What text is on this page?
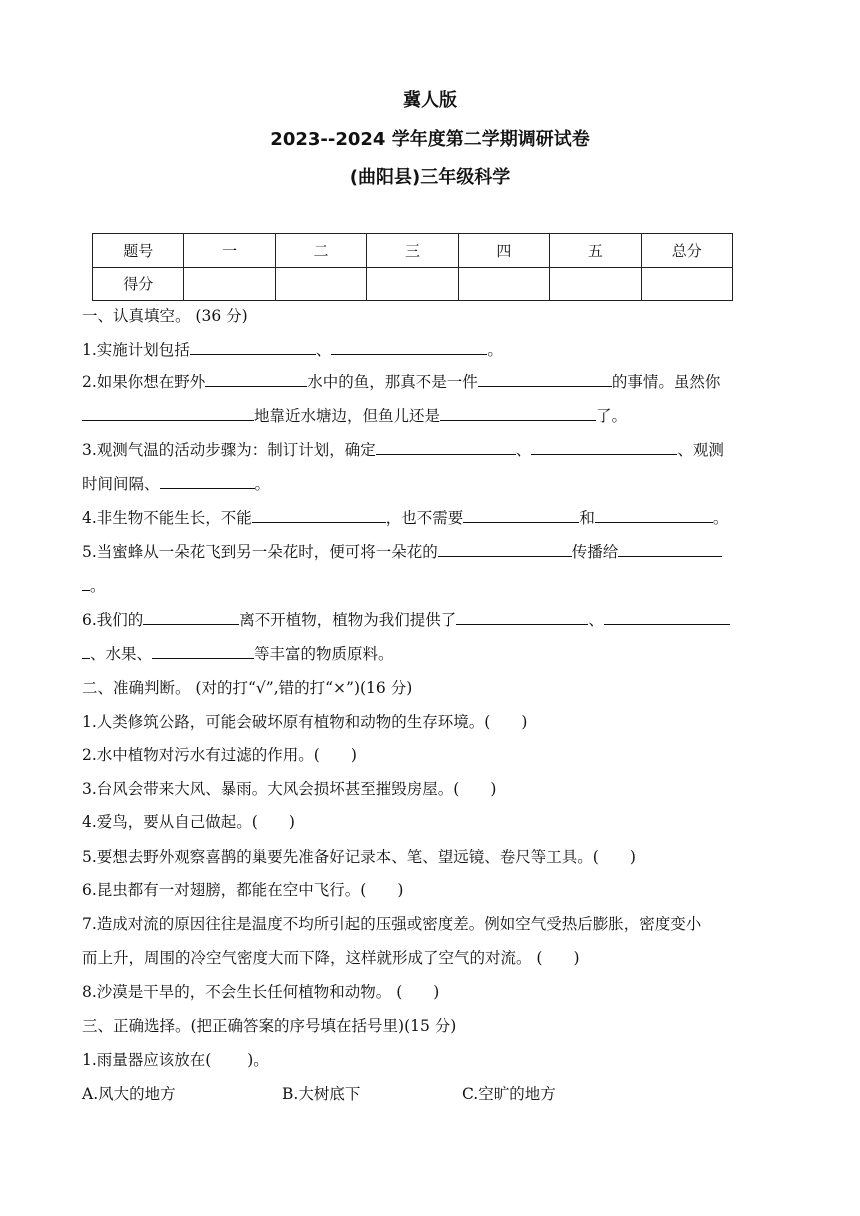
冀人版
2023--2024 学年度第二学期调研试卷
(曲阳县)三年级科学
题号	一	二	三	四	五	总分
得分						
一、认真填空。 (36 分)
1.实施计划包括	、	。
2.如果你想在野外	水中的鱼，那真不是一件	的事情。虽然你
地靠近水塘边，但鱼儿还是	了。
3.观测气温的活动步骤为：制订计划，确定	、	、观测
时间间隔、	。
4.非生物不能生长，不能	，也不需要	和	。
5.当蜜蜂从一朵花飞到另一朵花时，便可将一朵花的	传播给
。
6.我们的	离不开植物，植物为我们提供了	、
、水果、	等丰富的物质原料。
二、准确判断。 (对的打“√”,错的打“×”)(16 分)
1.人类修筑公路，可能会破坏原有植物和动物的生存环境。(　　)
2.水中植物对污水有过滤的作用。(　　)
3.台风会带来大风、暴雨。大风会损坏甚至摧毁房屋。(　　)
4.爱鸟，要从自己做起。(　　)
5.要想去野外观察喜鹊的巢要先准备好记录本、笔、望远镜、卷尺等工具。(　　)
6.昆虫都有一对翅膀，都能在空中飞行。(　　)
7.造成对流的原因往往是温度不均所引起的压强或密度差。例如空气受热后膨胀，密度变小
而上升，周围的冷空气密度大而下降，这样就形成了空气的对流。 (　　)
8.沙漠是干旱的，不会生长任何植物和动物。 (　　)
三、正确选择。(把正确答案的序号填在括号里)(15 分)
1.雨量器应该放在(　　 )。
A.风大的地方	B.大树底下	C.空旷的地方
